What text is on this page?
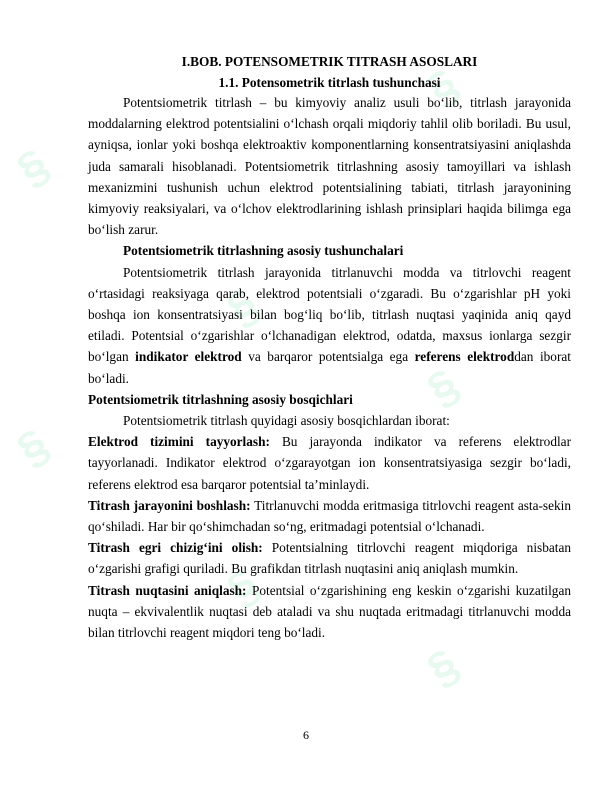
§
§
§
§
§
§
§
I.BOB. POTENSOMETRIK TITRASH ASOSLARI
1.1. Potensometrik titrlash tushunchasi

Potentsiometrik titrlash – bu kimyoviy analiz usuli boʻlib, titrlash jarayonida moddalarning elektrod potentsialini oʻlchash orqali miqdoriy tahlil olib boriladi. Bu usul, ayniqsa, ionlar yoki boshqa elektroaktiv komponentlarning konsentratsiyasini aniqlashda juda samarali hisoblanadi. Potentsiometrik titrlashning asosiy tamoyillari va ishlash mexanizmini tushunish uchun elektrod potentsialining tabiati, titrlash jarayonining kimyoviy reaksiyalari, va oʻlchov elektrodlarining ishlash prinsiplari haqida bilimga ega boʻlish zarur.

Potentsiometrik titrlashning asosiy tushunchalari

Potentsiometrik titrlash jarayonida titrlanuvchi modda va titrlovchi reagent oʻrtasidagi reaksiyaga qarab, elektrod potentsiali oʻzgaradi. Bu oʻzgarishlar pH yoki boshqa ion konsentratsiyasi bilan bogʻliq boʻlib, titrlash nuqtasi yaqinida aniq qayd etiladi. Potentsial oʻzgarishlar oʻlchanadigan elektrod, odatda, maxsus ionlarga sezgir boʻlgan indikator elektrod va barqaror potentsialga ega referens elektroddan iborat boʻladi.

Potentsiometrik titrlashning asosiy bosqichlari

Potentsiometrik titrlash quyidagi asosiy bosqichlardan iborat:

Elektrod tizimini tayyorlash: Bu jarayonda indikator va referens elektrodlar tayyorlanadi. Indikator elektrod oʻzgarayotgan ion konsentratsiyasiga sezgir boʻladi, referens elektrod esa barqaror potentsial taʼminlaydi.

Titrash jarayonini boshlash: Titrlanuvchi modda eritmasiga titrlovchi reagent asta-sekin qoʻshiladi. Har bir qoʻshimchadan soʻng, eritmadagi potentsial oʻlchanadi.

Titrash egri chizigʻini olish: Potentsialning titrlovchi reagent miqdoriga nisbatan oʻzgarishi grafigi quriladi. Bu grafikdan titrlash nuqtasini aniq aniqlash mumkin.

Titrash nuqtasini aniqlash: Potentsial oʻzgarishining eng keskin oʻzgarishi kuzatilgan nuqta – ekvivalentlik nuqtasi deb ataladi va shu nuqtada eritmadagi titrlanuvchi modda bilan titrlovchi reagent miqdori teng boʻladi.

6
